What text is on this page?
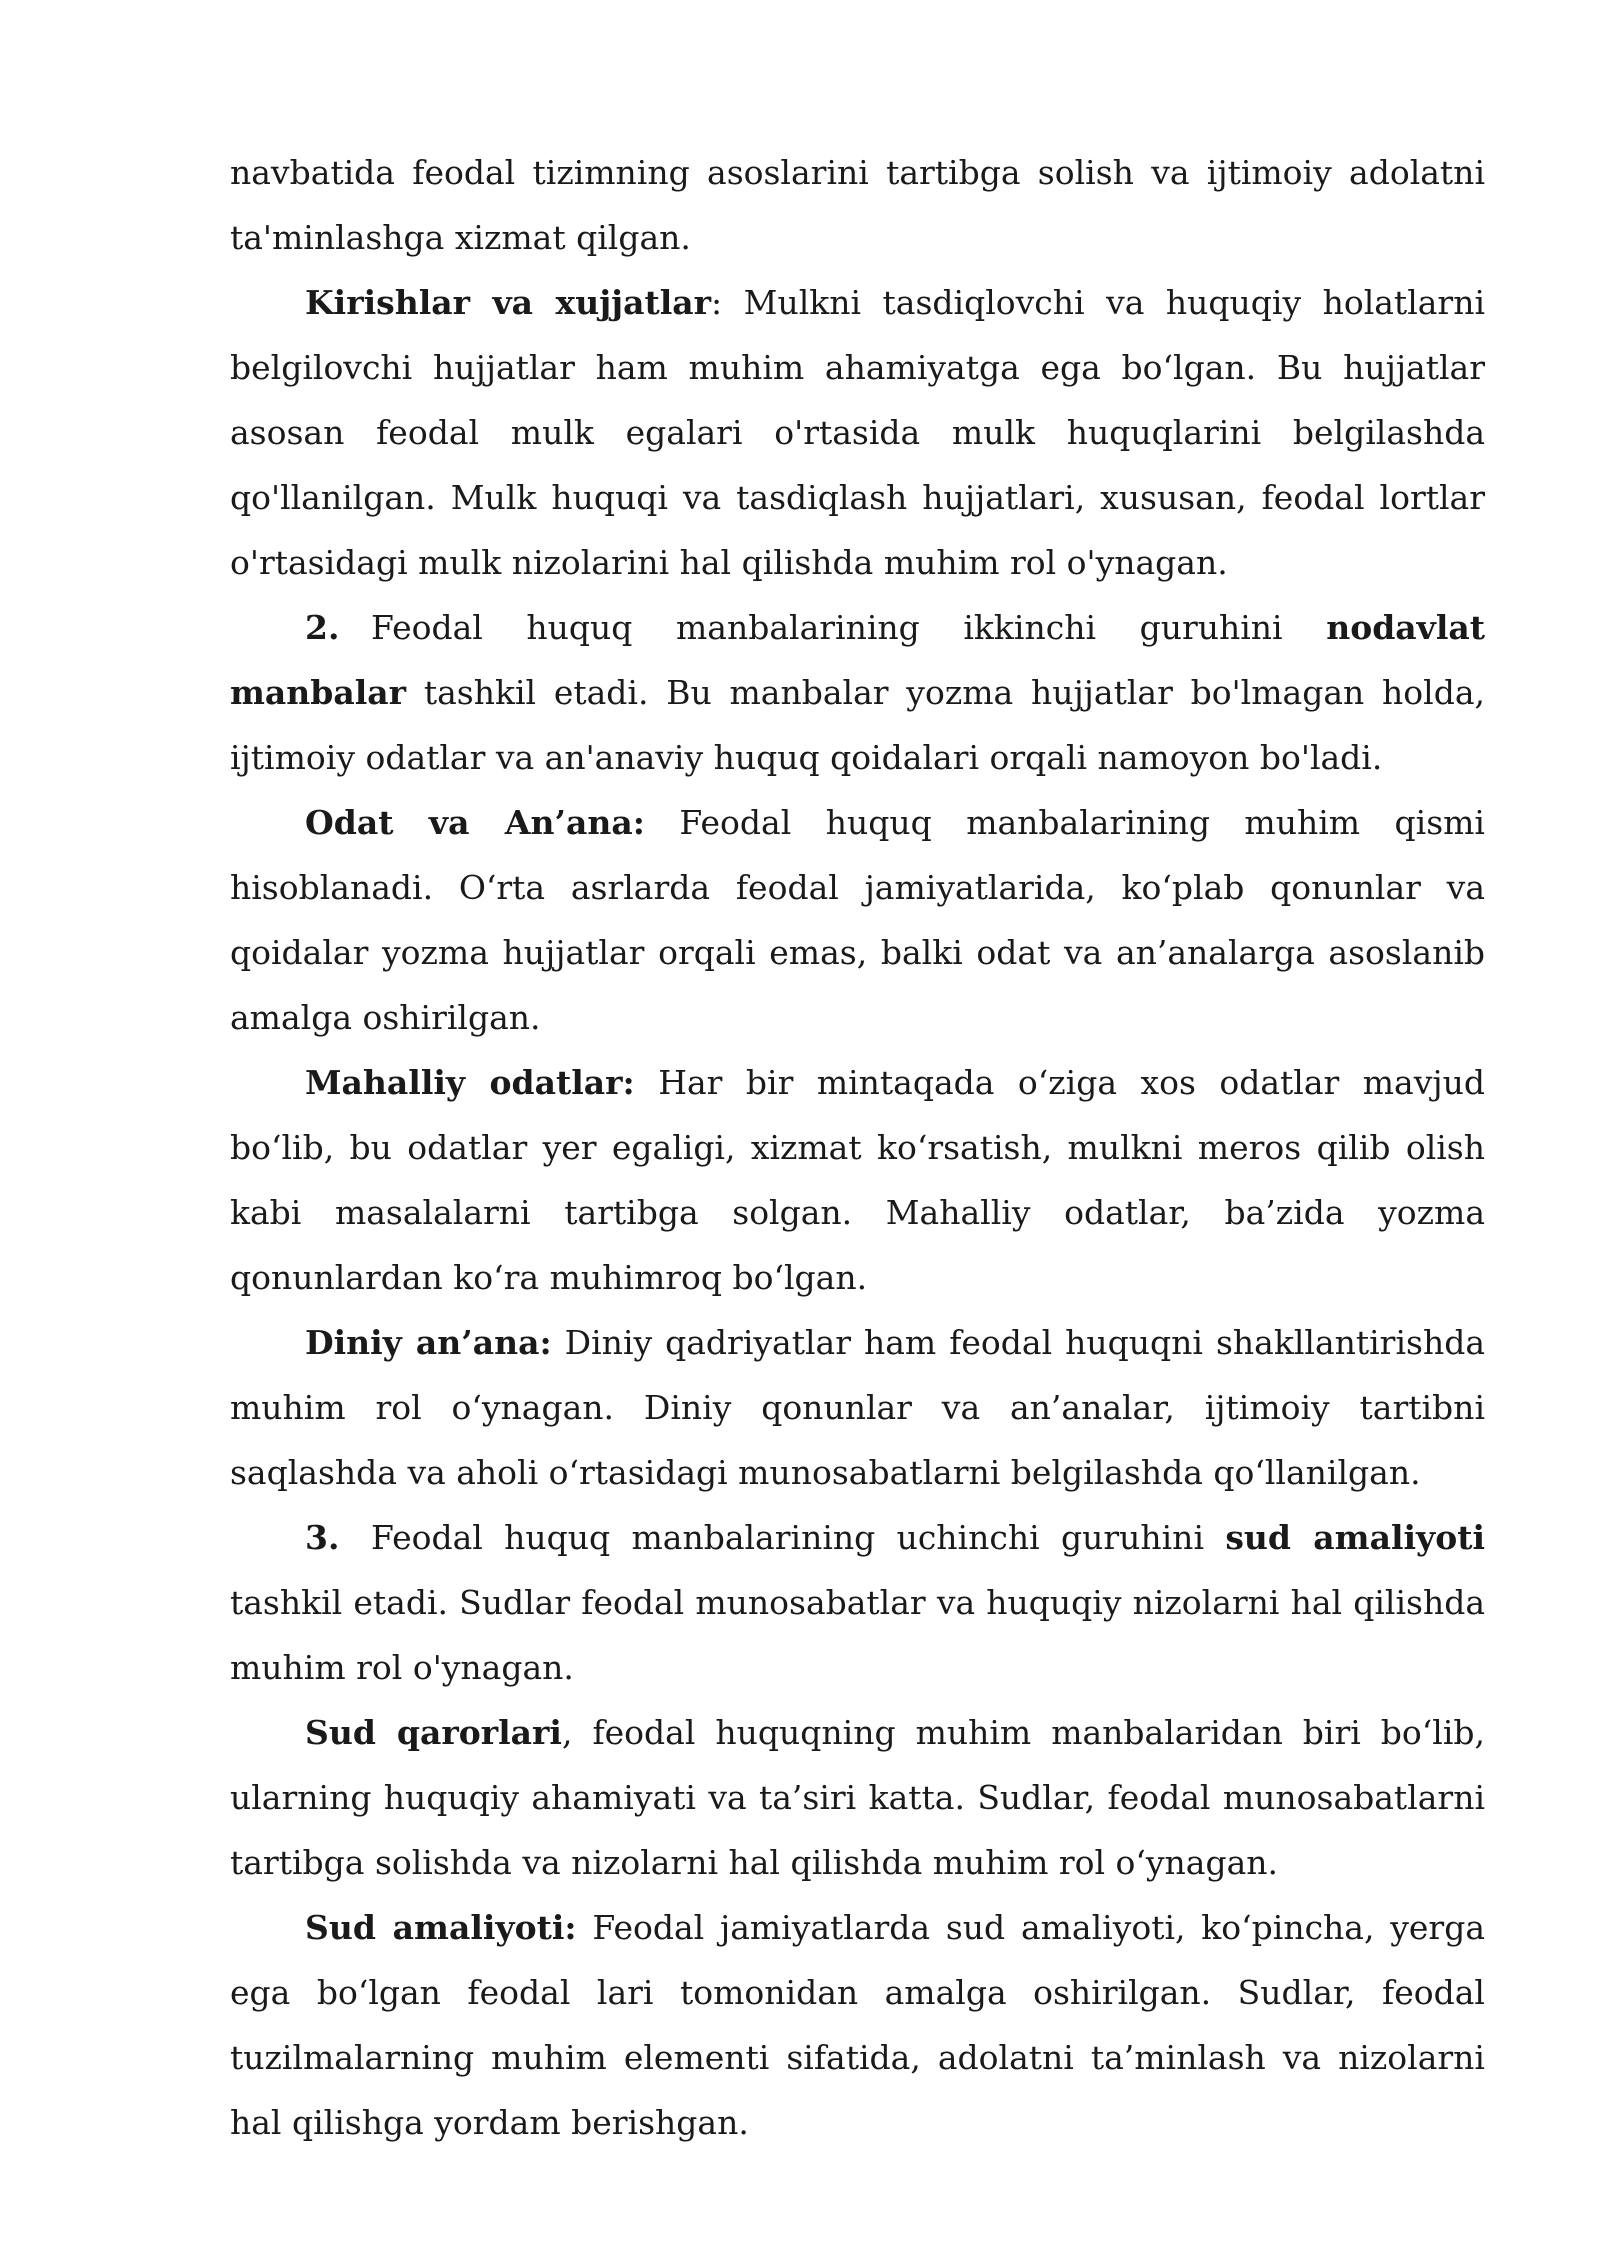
navbatida feodal tizimning asoslarini tartibga solish va ijtimoiy adolatni ta'minlashga xizmat qilgan.

Kirishlar va xujjatlar: Mulkni tasdiqlovchi va huquqiy holatlarni belgilovchi hujjatlar ham muhim ahamiyatga ega bo‘lgan. Bu hujjatlar asosan feodal mulk egalari o'rtasida mulk huquqlarini belgilashda qo'llanilgan. Mulk huquqi va tasdiqlash hujjatlari, xususan, feodal lortlar o'rtasidagi mulk nizolarini hal qilishda muhim rol o'ynagan.

2. Feodal huquq manbalarining ikkinchi guruhini nodavlat manbalar tashkil etadi. Bu manbalar yozma hujjatlar bo'lmagan holda, ijtimoiy odatlar va an'anaviy huquq qoidalari orqali namoyon bo'ladi.

Odat va An’ana: Feodal huquq manbalarining muhim qismi hisoblanadi. O‘rta asrlarda feodal jamiyatlarida, ko‘plab qonunlar va qoidalar yozma hujjatlar orqali emas, balki odat va an’analarga asoslanib amalga oshirilgan.

Mahalliy odatlar: Har bir mintaqada o‘ziga xos odatlar mavjud bo‘lib, bu odatlar yer egaligi, xizmat ko‘rsatish, mulkni meros qilib olish kabi masalalarni tartibga solgan. Mahalliy odatlar, ba’zida yozma qonunlardan ko‘ra muhimroq bo‘lgan.

Diniy an’ana: Diniy qadriyatlar ham feodal huquqni shakllantirishda muhim rol o‘ynagan. Diniy qonunlar va an’analar, ijtimoiy tartibni saqlashda va aholi o‘rtasidagi munosabatlarni belgilashda qo‘llanilgan.

3. Feodal huquq manbalarining uchinchi guruhini sud amaliyoti tashkil etadi. Sudlar feodal munosabatlar va huquqiy nizolarni hal qilishda muhim rol o'ynagan.

Sud qarorlari, feodal huquqning muhim manbalaridan biri bo‘lib, ularning huquqiy ahamiyati va ta’siri katta. Sudlar, feodal munosabatlarni tartibga solishda va nizolarni hal qilishda muhim rol o‘ynagan.

Sud amaliyoti: Feodal jamiyatlarda sud amaliyoti, ko‘pincha, yerga ega bo‘lgan feodal lari tomonidan amalga oshirilgan. Sudlar, feodal tuzilmalarning muhim elementi sifatida, adolatni ta’minlash va nizolarni hal qilishga yordam berishgan.
